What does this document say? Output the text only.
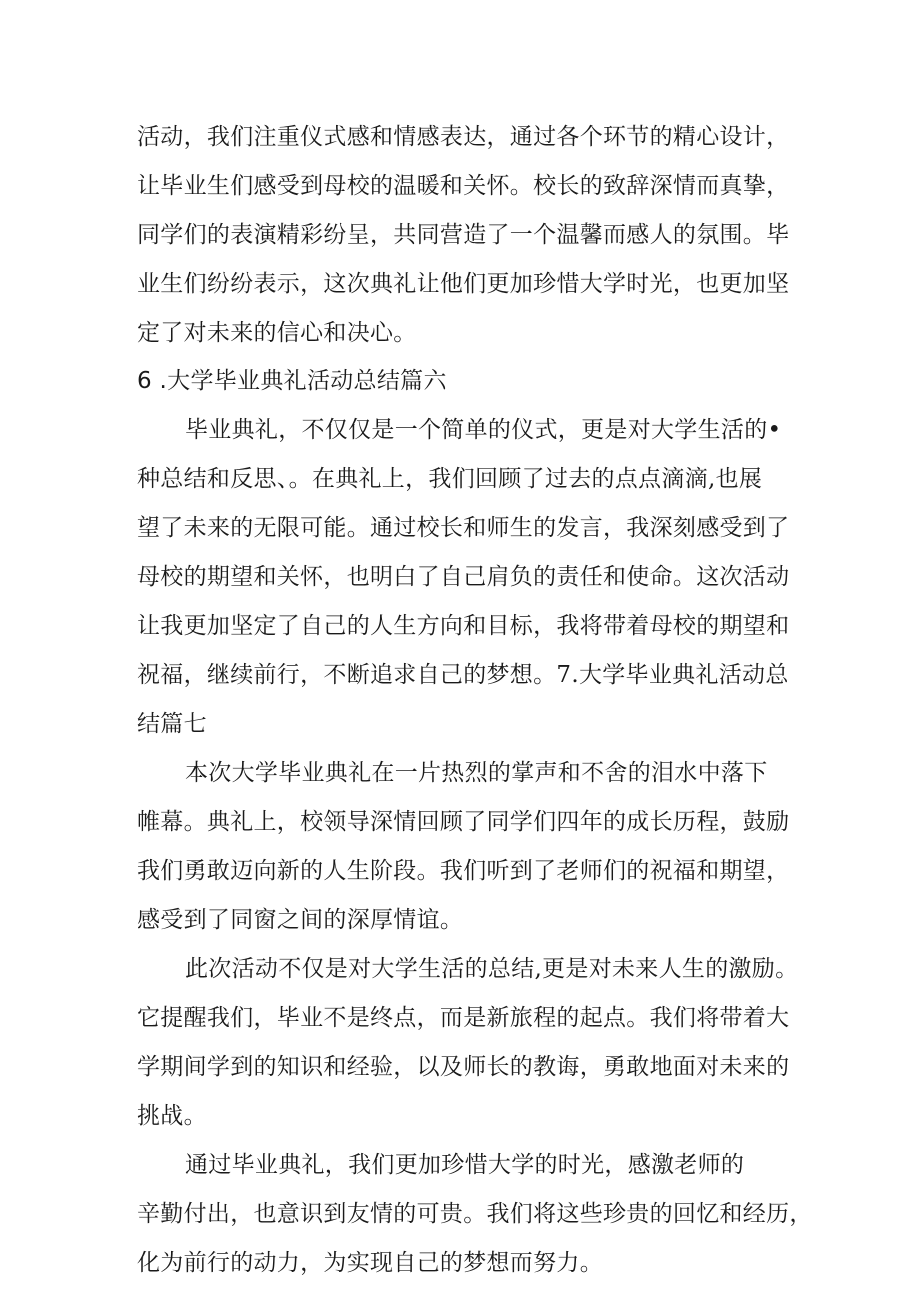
活动，我们注重仪式感和情感表达，通过各个环节的精心设计，
让毕业生们感受到母校的温暖和关怀。校长的致辞深情而真挚，
同学们的表演精彩纷呈，共同营造了一个温馨而感人的氛围。毕
业生们纷纷表示，这次典礼让他们更加珍惜大学时光，也更加坚
定了对未来的信心和决心。
6 .大学毕业典礼活动总结篇六
毕业典礼，不仅仅是一个简单的仪式，更是对大学生活的•
种总结和反思、。在典礼上，我们回顾了过去的点点滴滴,也展
望了未来的无限可能。通过校长和师生的发言，我深刻感受到了
母校的期望和关怀，也明白了自己肩负的责任和使命。这次活动
让我更加坚定了自己的人生方向和目标，我将带着母校的期望和
祝福，继续前行，不断追求自己的梦想。7.大学毕业典礼活动总
结篇七
本次大学毕业典礼在一片热烈的掌声和不舍的泪水中落下
帷幕。典礼上，校领导深情回顾了同学们四年的成长历程，鼓励
我们勇敢迈向新的人生阶段。我们听到了老师们的祝福和期望，
感受到了同窗之间的深厚情谊。
此次活动不仅是对大学生活的总结,更是对未来人生的激励。
它提醒我们，毕业不是终点，而是新旅程的起点。我们将带着大
学期间学到的知识和经验，以及师长的教诲，勇敢地面对未来的
挑战。
通过毕业典礼，我们更加珍惜大学的时光，感激老师的
辛勤付出，也意识到友情的可贵。我们将这些珍贵的回忆和经历，
化为前行的动力，为实现自己的梦想而努力。
